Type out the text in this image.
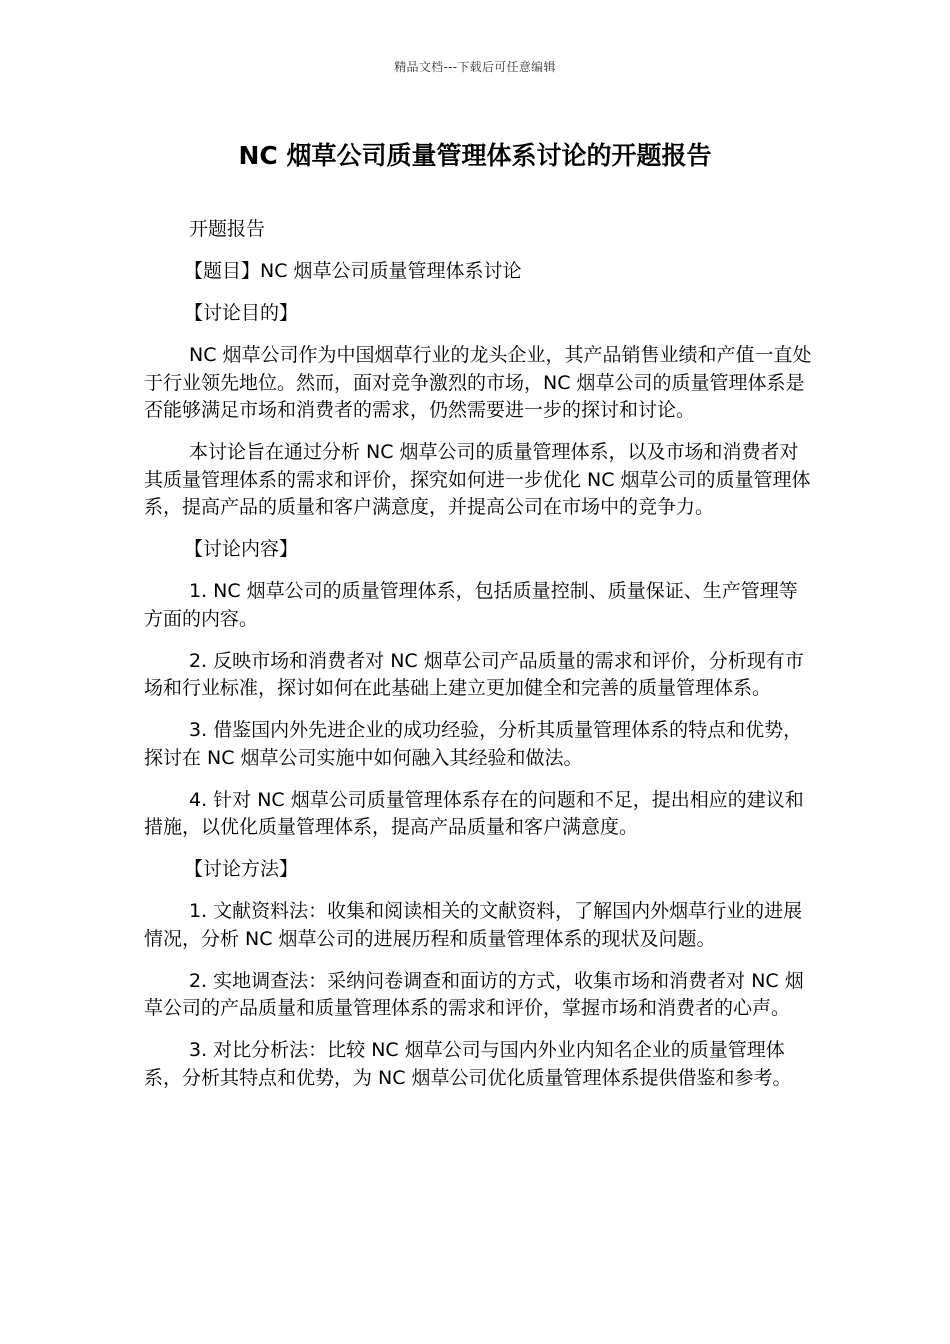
精品文档---下载后可任意编辑
NC 烟草公司质量管理体系讨论的开题报告

开题报告

【题目】NC 烟草公司质量管理体系讨论

【讨论目的】

NC 烟草公司作为中国烟草行业的龙头企业，其产品销售业绩和产值一直处于行业领先地位。然而，面对竞争激烈的市场，NC 烟草公司的质量管理体系是否能够满足市场和消费者的需求，仍然需要进一步的探讨和讨论。

本讨论旨在通过分析 NC 烟草公司的质量管理体系，以及市场和消费者对其质量管理体系的需求和评价，探究如何进一步优化 NC 烟草公司的质量管理体系，提高产品的质量和客户满意度，并提高公司在市场中的竞争力。

【讨论内容】

1. NC 烟草公司的质量管理体系，包括质量控制、质量保证、生产管理等方面的内容。

2. 反映市场和消费者对 NC 烟草公司产品质量的需求和评价，分析现有市场和行业标准，探讨如何在此基础上建立更加健全和完善的质量管理体系。

3. 借鉴国内外先进企业的成功经验，分析其质量管理体系的特点和优势，探讨在 NC 烟草公司实施中如何融入其经验和做法。

4. 针对 NC 烟草公司质量管理体系存在的问题和不足，提出相应的建议和措施，以优化质量管理体系，提高产品质量和客户满意度。

【讨论方法】

1. 文献资料法：收集和阅读相关的文献资料，了解国内外烟草行业的进展情况，分析 NC 烟草公司的进展历程和质量管理体系的现状及问题。

2. 实地调查法：采纳问卷调查和面访的方式，收集市场和消费者对 NC 烟草公司的产品质量和质量管理体系的需求和评价，掌握市场和消费者的心声。

3. 对比分析法：比较 NC 烟草公司与国内外业内知名企业的质量管理体系，分析其特点和优势，为 NC 烟草公司优化质量管理体系提供借鉴和参考。
